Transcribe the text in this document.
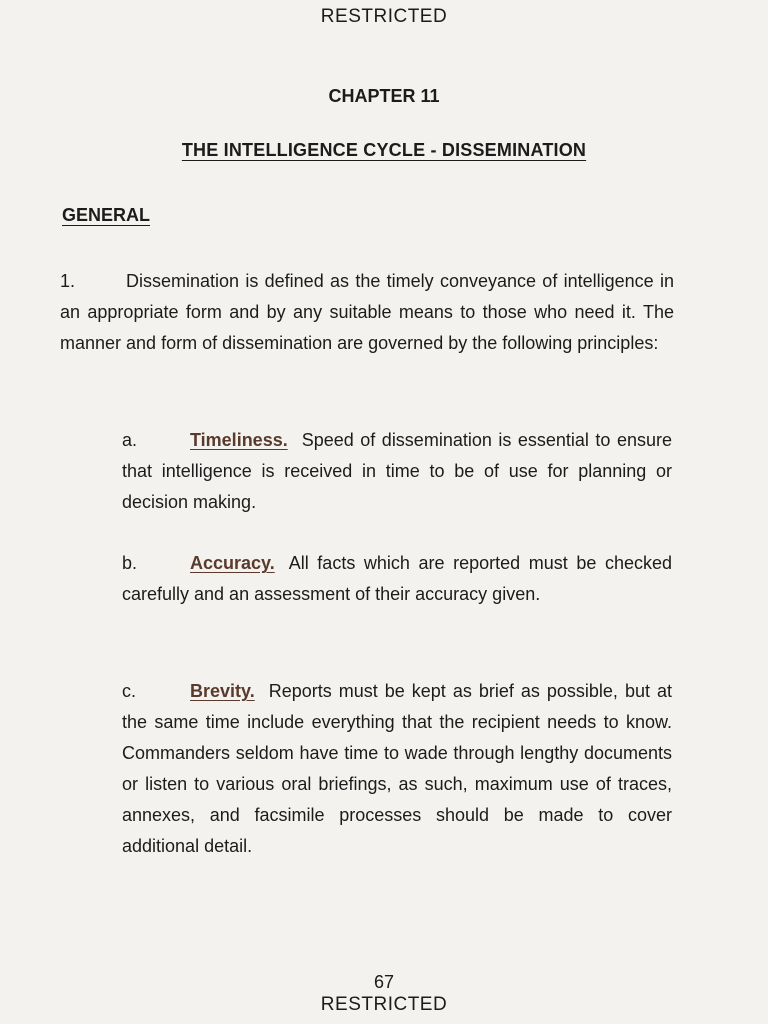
RESTRICTED
CHAPTER 11
THE INTELLIGENCE CYCLE - DISSEMINATION
GENERAL
1.	Dissemination is defined as the timely conveyance of intelligence in an appropriate form and by any suitable means to those who need it. The manner and form of dissemination are governed by the following principles:
a.	Timeliness. Speed of dissemination is essential to ensure that intelligence is received in time to be of use for planning or decision making.
b.	Accuracy. All facts which are reported must be checked carefully and an assessment of their accuracy given.
c.	Brevity. Reports must be kept as brief as possible, but at the same time include everything that the recipient needs to know. Commanders seldom have time to wade through lengthy documents or listen to various oral briefings, as such, maximum use of traces, annexes, and facsimile processes should be made to cover additional detail.
67
RESTRICTED
